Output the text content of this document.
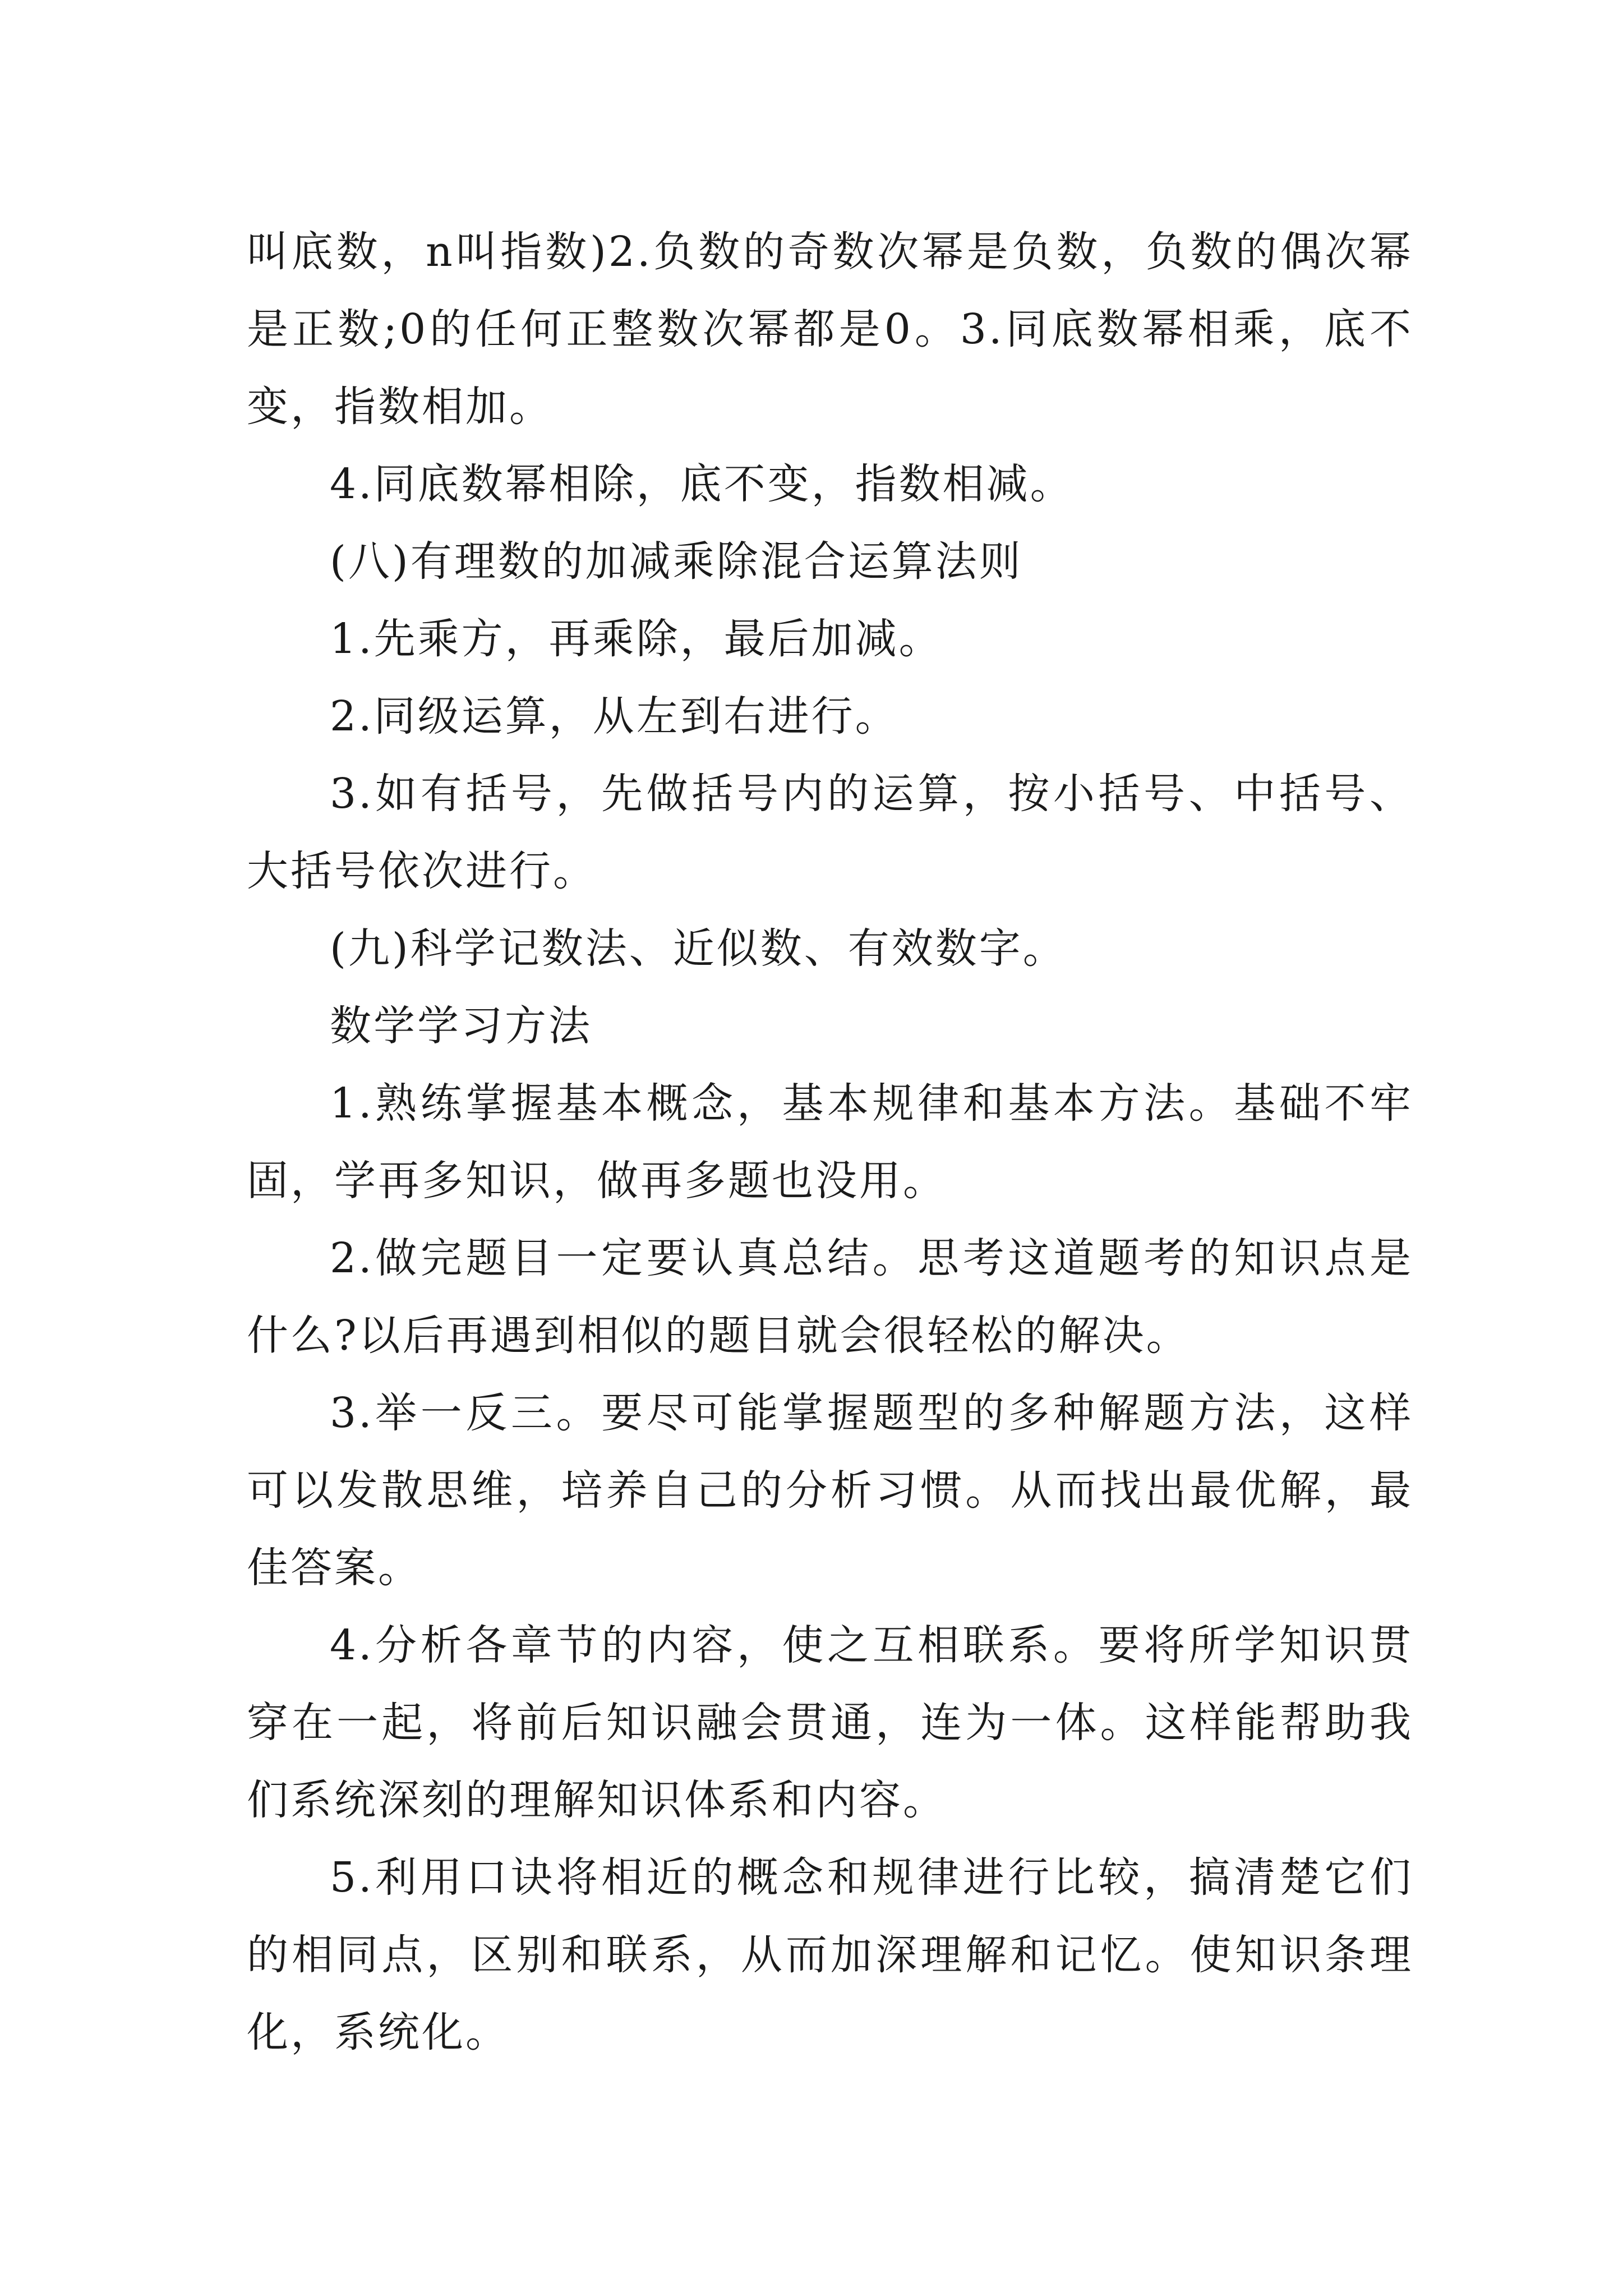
叫底数，n叫指数)2.负数的奇数次幂是负数，负数的偶次幂是正数;0的任何正整数次幂都是0。3.同底数幂相乘，底不变，指数相加。

4.同底数幂相除，底不变，指数相减。

(八)有理数的加减乘除混合运算法则

1.先乘方，再乘除，最后加减。

2.同级运算，从左到右进行。

3.如有括号，先做括号内的运算，按小括号、中括号、大括号依次进行。

(九)科学记数法、近似数、有效数字。

数学学习方法

1.熟练掌握基本概念，基本规律和基本方法。基础不牢固，学再多知识，做再多题也没用。

2.做完题目一定要认真总结。思考这道题考的知识点是什么?以后再遇到相似的题目就会很轻松的解决。

3.举一反三。要尽可能掌握题型的多种解题方法，这样可以发散思维，培养自己的分析习惯。从而找出最优解，最佳答案。

4.分析各章节的内容，使之互相联系。要将所学知识贯穿在一起，将前后知识融会贯通，连为一体。这样能帮助我们系统深刻的理解知识体系和内容。

5.利用口诀将相近的概念和规律进行比较，搞清楚它们的相同点，区别和联系，从而加深理解和记忆。使知识条理化，系统化。
